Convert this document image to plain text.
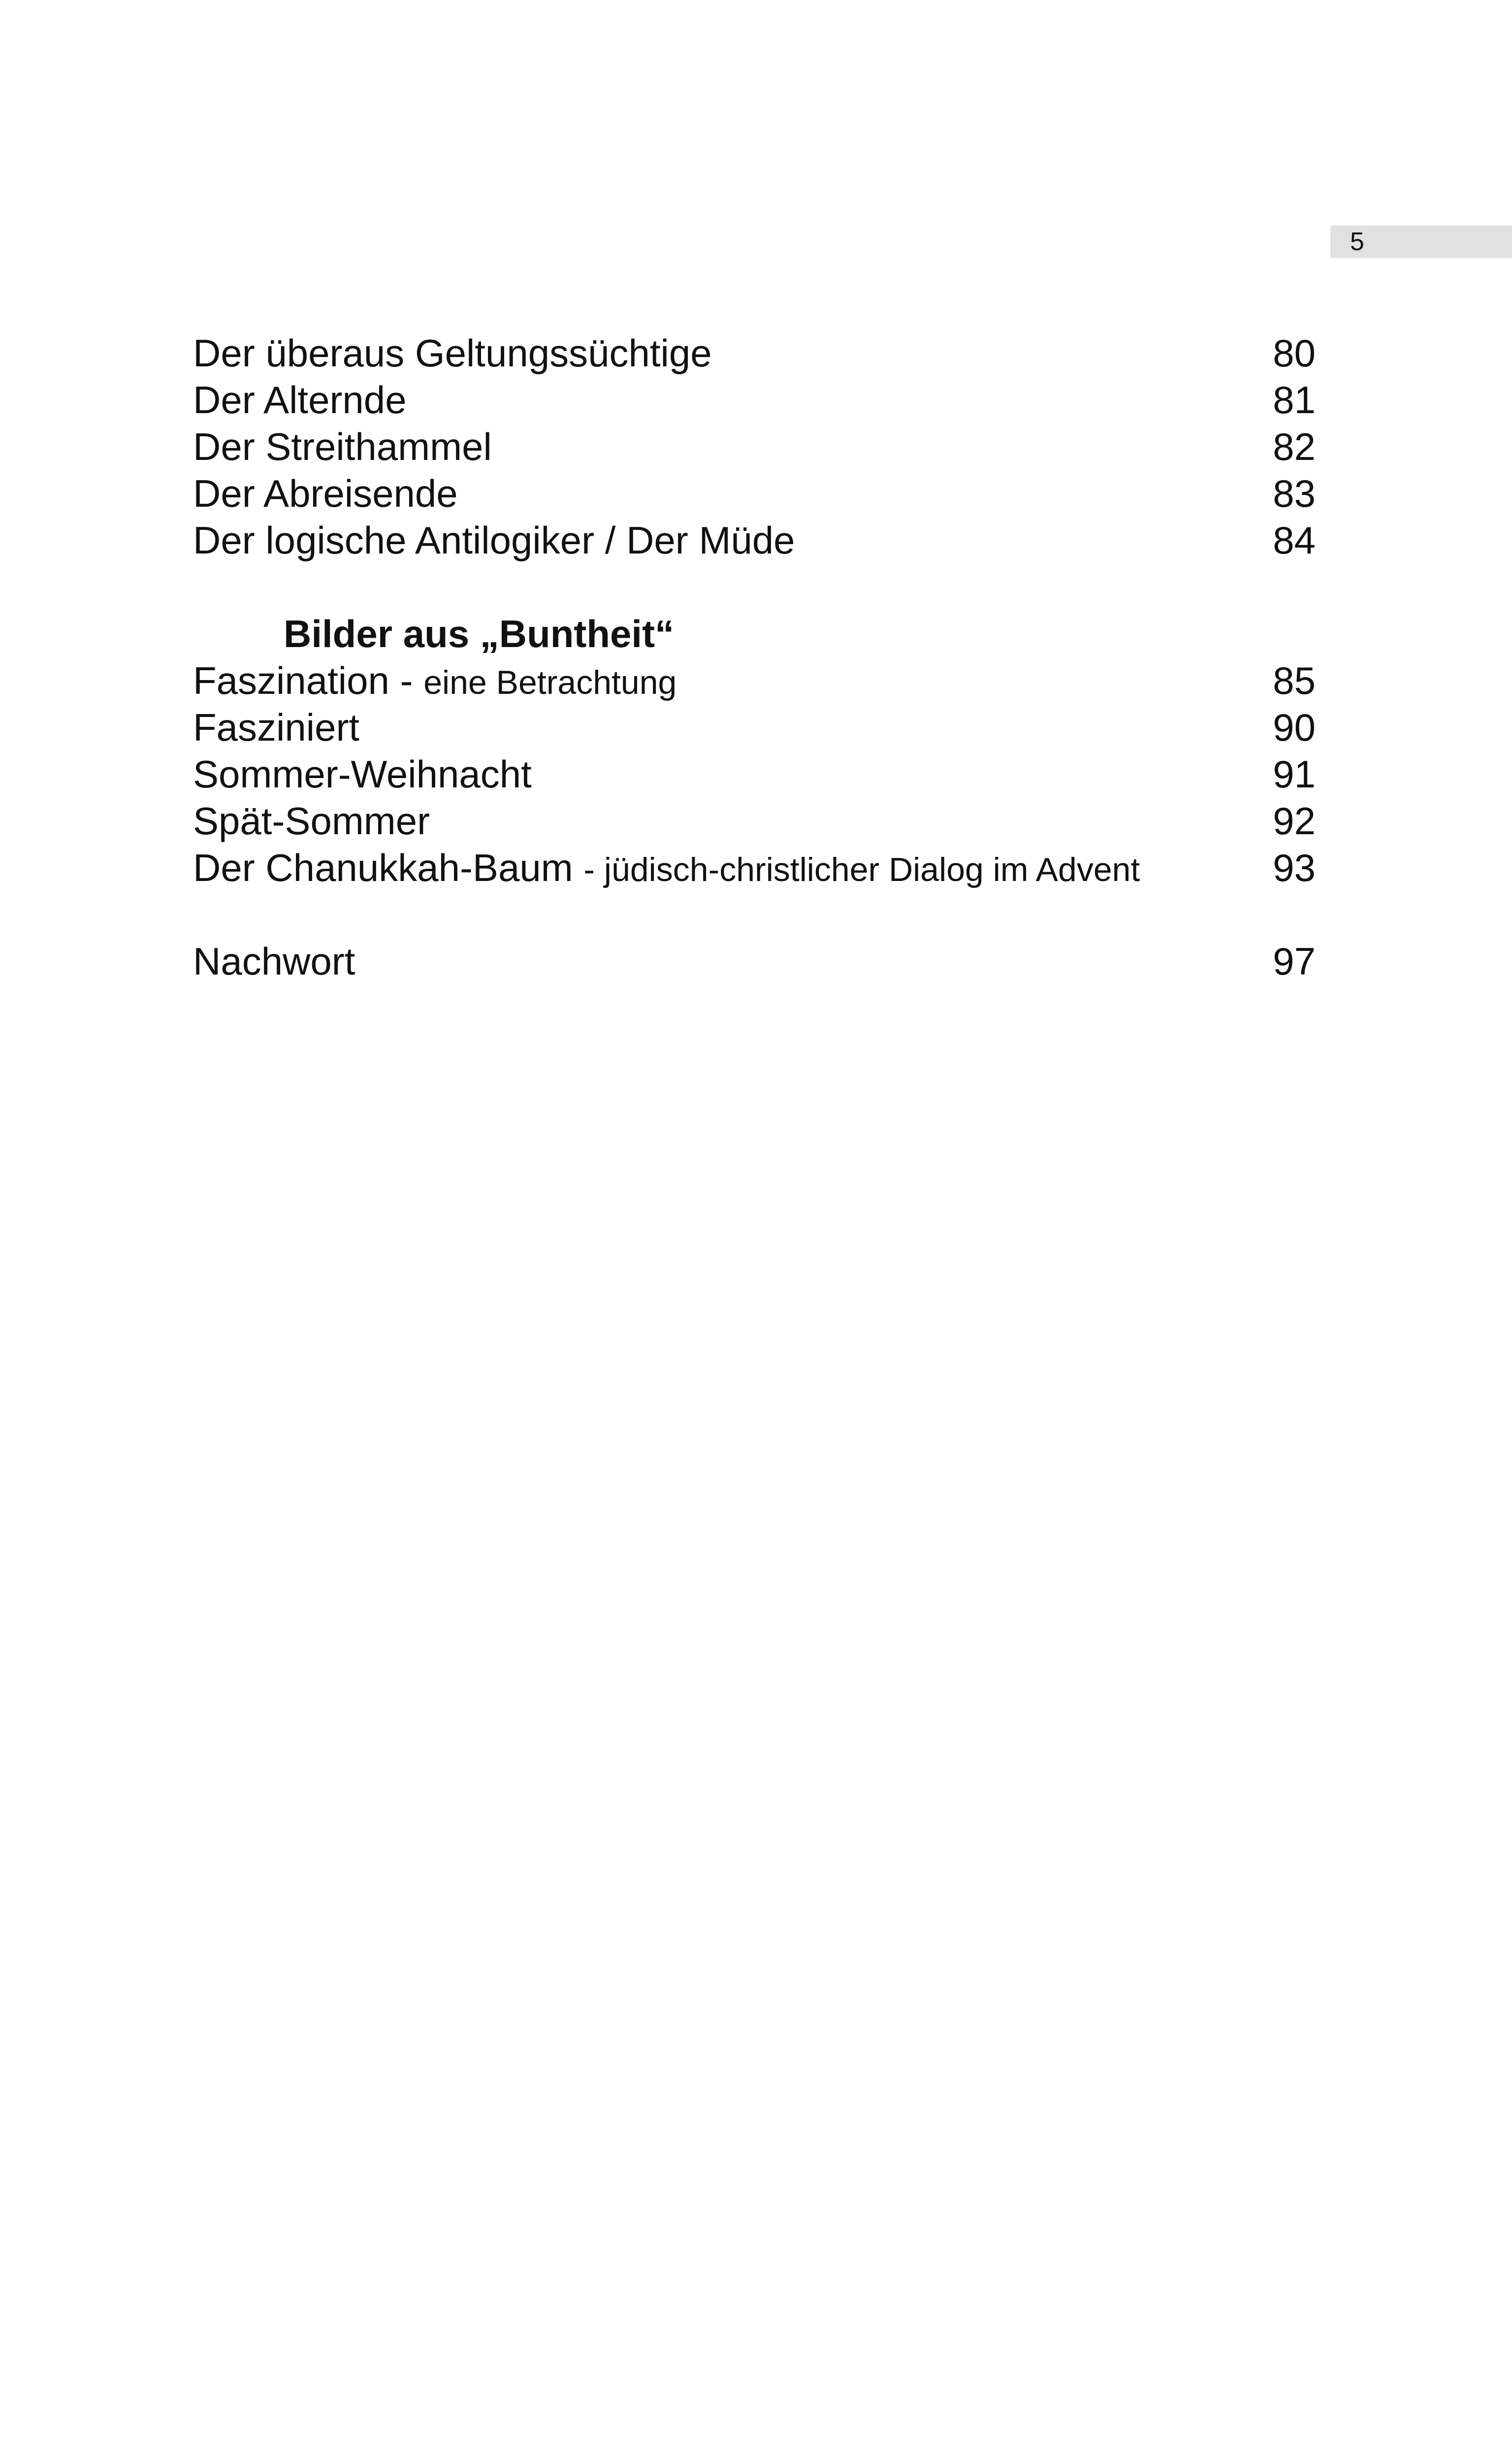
5
Der überaus Geltungssüchtige	80
Der Alternde	81
Der Streithammel	82
Der Abreisende	83
Der logische Antilogiker / Der Müde	84
Bilder aus „Buntheit“
Faszination - eine Betrachtung	85
Fasziniert	90
Sommer-Weihnacht	91
Spät-Sommer	92
Der Chanukkah-Baum - jüdisch-christlicher Dialog im Advent	93
Nachwort	97
